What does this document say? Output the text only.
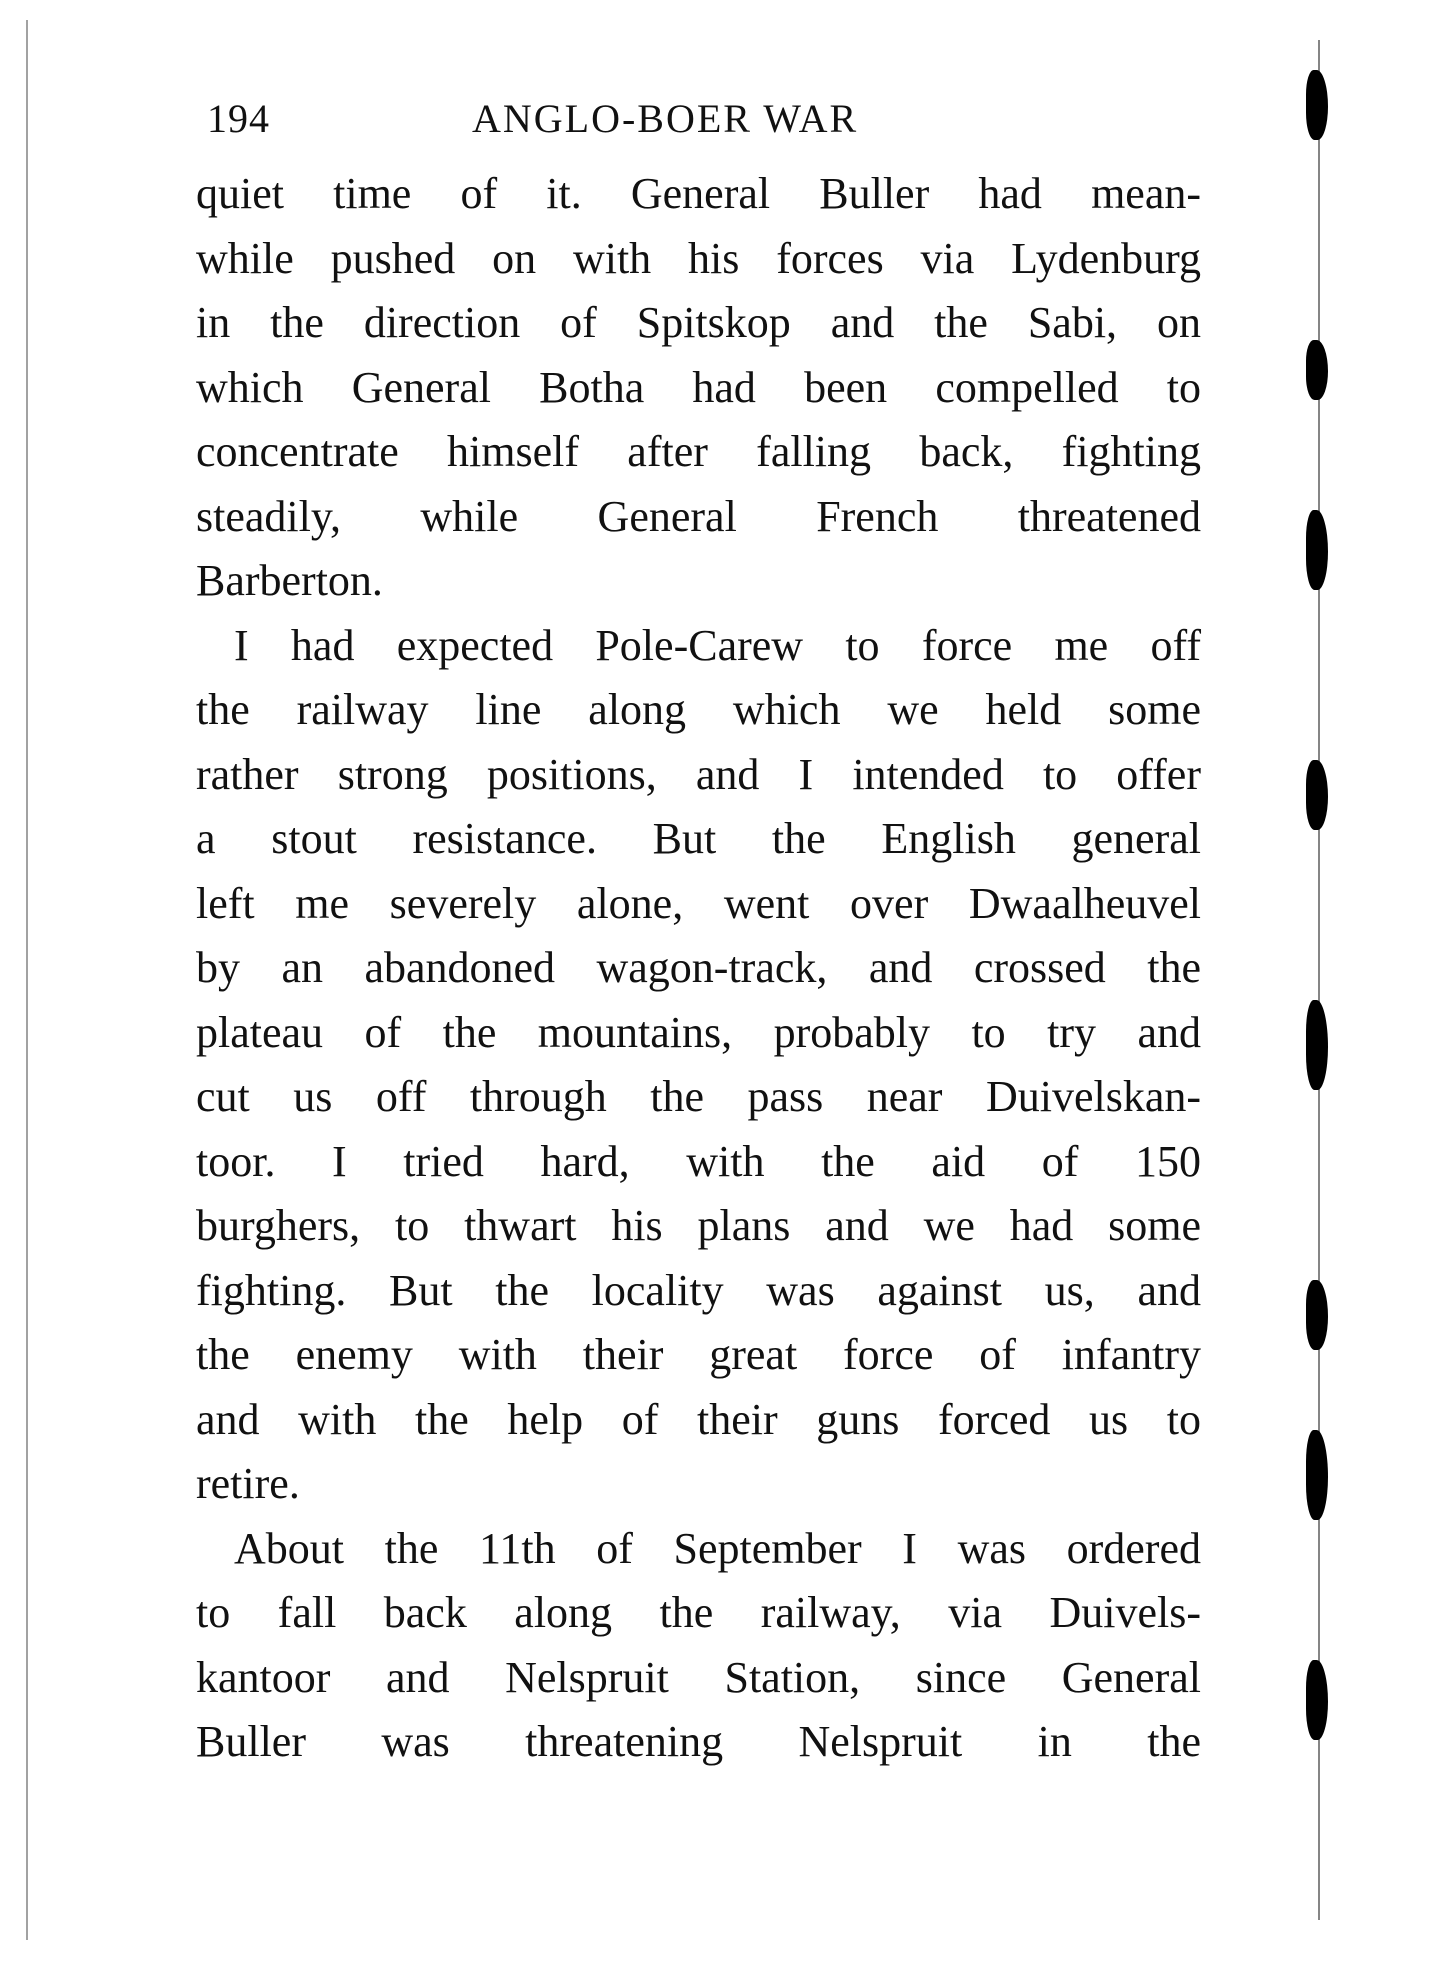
194	ANGLO-BOER WAR
quiet time of it. General Buller had mean-
while pushed on with his forces via Lydenburg
in the direction of Spitskop and the Sabi, on
which General Botha had been compelled to
concentrate himself after falling back, fighting
steadily, while General French threatened
Barberton.
I had expected Pole-Carew to force me off
the railway line along which we held some
rather strong positions, and I intended to offer
a stout resistance. But the English general
left me severely alone, went over Dwaalheuvel
by an abandoned wagon-track, and crossed the
plateau of the mountains, probably to try and
cut us off through the pass near Duivelskan-
toor. I tried hard, with the aid of 150
burghers, to thwart his plans and we had some
fighting. But the locality was against us, and
the enemy with their great force of infantry
and with the help of their guns forced us to
retire.
About the 11th of September I was ordered
to fall back along the railway, via Duivels-
kantoor and Nelspruit Station, since General
Buller was threatening Nelspruit in the
